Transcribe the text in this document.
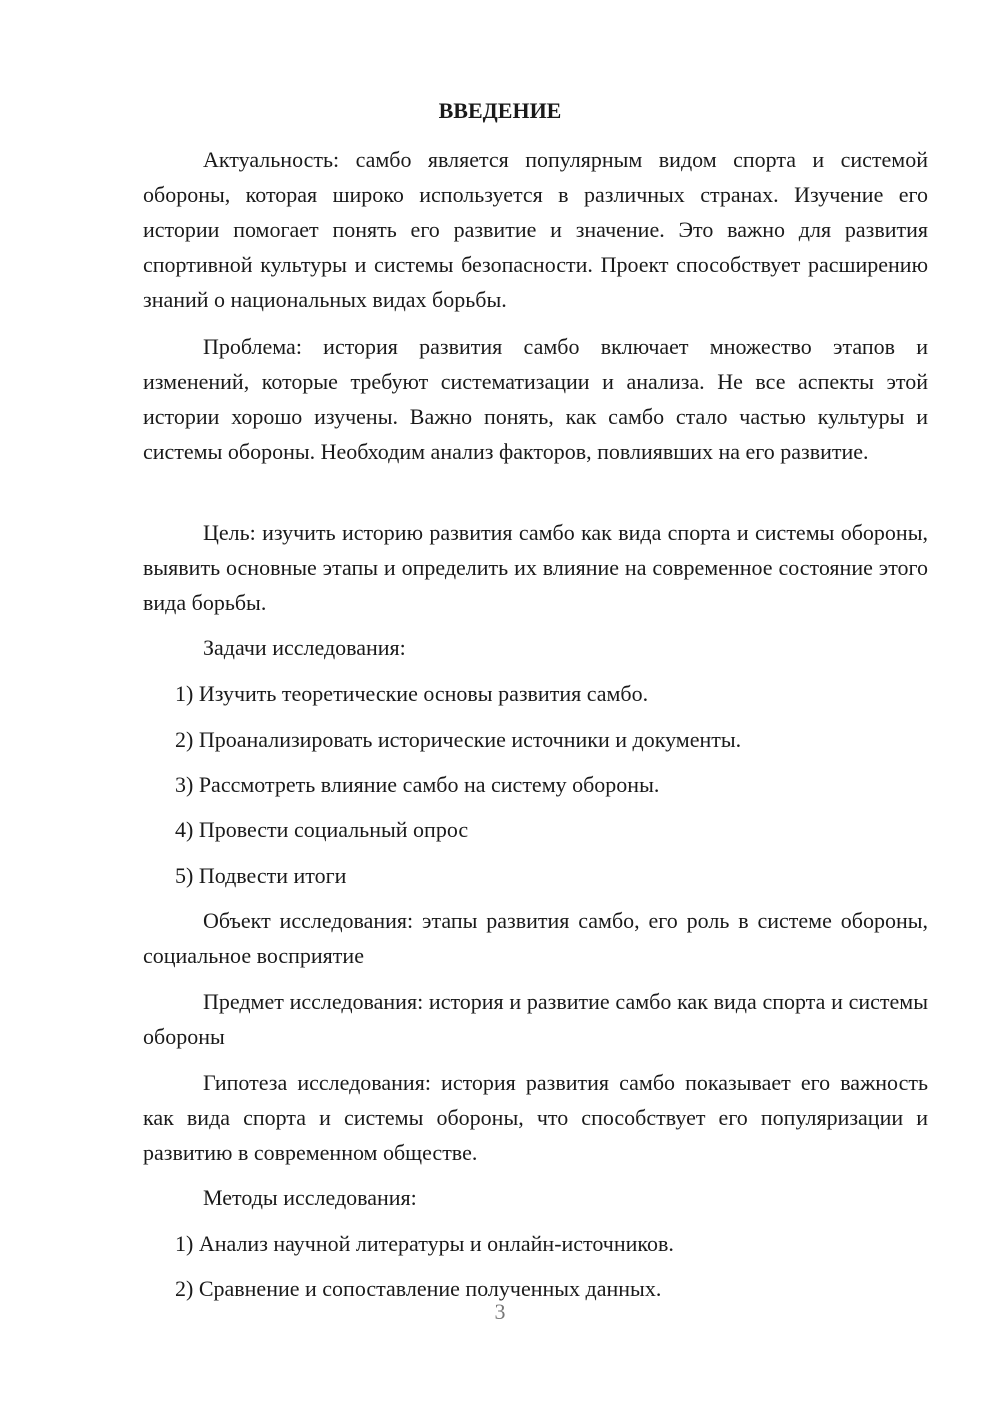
ВВЕДЕНИЕ

Актуальность: самбо является популярным видом спорта и системой обороны, которая широко используется в различных странах. Изучение его истории помогает понять его развитие и значение. Это важно для развития спортивной культуры и системы безопасности. Проект способствует расширению знаний о национальных видах борьбы.

Проблема: история развития самбо включает множество этапов и изменений, которые требуют систематизации и анализа. Не все аспекты этой истории хорошо изучены. Важно понять, как самбо стало частью культуры и системы обороны. Необходим анализ факторов, повлиявших на его развитие.

Цель: изучить историю развития самбо как вида спорта и системы обороны, выявить основные этапы и определить их влияние на современное состояние этого вида борьбы.

Задачи исследования:

1) Изучить теоретические основы развития самбо.

2) Проанализировать исторические источники и документы.

3) Рассмотреть влияние самбо на систему обороны.

4) Провести социальный опрос

5) Подвести итоги

Объект исследования: этапы развития самбо, его роль в системе обороны, социальное восприятие

Предмет исследования: история и развитие самбо как вида спорта и системы обороны

Гипотеза исследования: история развития самбо показывает его важность как вида спорта и системы обороны, что способствует его популяризации и развитию в современном обществе.

Методы исследования:

1) Анализ научной литературы и онлайн-источников.

2) Сравнение и сопоставление полученных данных.

3
